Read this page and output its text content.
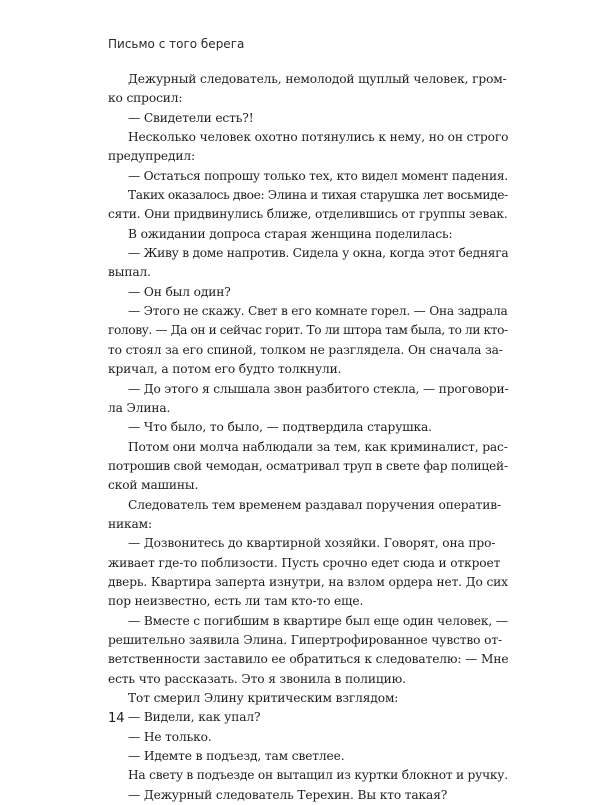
Письмо с того берега
Дежурный следователь, немолодой щуплый человек, гром-
ко спросил:
— Свидетели есть?!
Несколько человек охотно потянулись к нему, но он строго
предупредил:
— Остаться попрошу только тех, кто видел момент падения.
Таких оказалось двое: Элина и тихая старушка лет восьмиде-
сяти. Они придвинулись ближе, отделившись от группы зевак.
В ожидании допроса старая женщина поделилась:
— Живу в доме напротив. Сидела у окна, когда этот бедняга
выпал.
— Он был один?
— Этого не скажу. Свет в его комнате горел. — Она задрала
голову. — Да он и сейчас горит. То ли штора там была, то ли кто-
то стоял за его спиной, толком не разглядела. Он сначала за-
кричал, а потом его будто толкнули.
— До этого я слышала звон разбитого стекла, — проговори-
ла Элина.
— Что было, то было, — подтвердила старушка.
Потом они молча наблюдали за тем, как криминалист, рас-
потрошив свой чемодан, осматривал труп в свете фар полицей-
ской машины.
Следователь тем временем раздавал поручения оператив-
никам:
— Дозвонитесь до квартирной хозяйки. Говорят, она про-
живает где-то поблизости. Пусть срочно едет сюда и откроет
дверь. Квартира заперта изнутри, на взлом ордера нет. До сих
пор неизвестно, есть ли там кто-то еще.
— Вместе с погибшим в квартире был еще один человек, —
решительно заявила Элина. Гипертрофированное чувство от-
ветственности заставило ее обратиться к следователю: — Мне
есть что рассказать. Это я звонила в полицию.
Тот смерил Элину критическим взглядом:
— Видели, как упал?
— Не только.
— Идемте в подъезд, там светлее.
На свету в подъезде он вытащил из куртки блокнот и ручку.
— Дежурный следователь Терехин. Вы кто такая?
14
